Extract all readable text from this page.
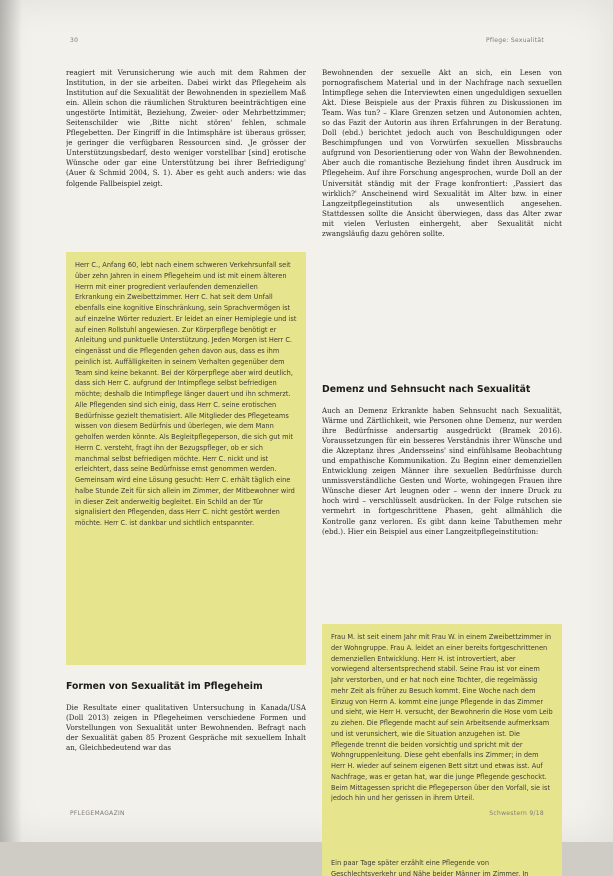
30	Pflege: Sexualität

reagiert mit Verunsicherung wie auch mit dem Rahmen der Institution, in der sie arbeiten. Dabei wirkt das Pflegeheim als Institution auf die Sexualität der Bewohnenden in speziellem Maß ein. Allein schon die räumlichen Strukturen beeinträchtigen eine ungestörte Intimität, Beziehung, Zweier- oder Mehrbettzimmer; Seitenschilder wie ‚Bitte nicht stören' fehlen, schmale Pflegebetten. Der Eingriff in die Intimsphäre ist überaus grösser, je geringer die verfügbaren Ressourcen sind. ‚Je grösser der Unterstützungsbedarf, desto weniger vorstellbar [sind] erotische Wünsche oder gar eine Unterstützung bei ihrer Befriedigung' (Auer & Schmid 2004, S. 1). Aber es geht auch anders: wie das folgende Fallbeispiel zeigt.

Herr C., Anfang 60, lebt nach einem schweren Verkehrsunfall seit über zehn Jahren in einem Pflegeheim und ist mit einem älteren Herrn mit einer progredient verlaufenden demenziellen Erkrankung ein Zweibettzimmer. Herr C. hat seit dem Unfall ebenfalls eine kognitive Einschränkung, sein Sprachvermögen ist auf einzelne Wörter reduziert. Er leidet an einer Hemiplegie und ist auf einen Rollstuhl angewiesen. Zur Körperpflege benötigt er Anleitung und punktuelle Unterstützung. Jeden Morgen ist Herr C. eingenässt und die Pflegenden gehen davon aus, dass es ihm peinlich ist. Auffälligkeiten in seinem Verhalten gegenüber dem Team sind keine bekannt. Bei der Körperpflege aber wird deutlich, dass sich Herr C. aufgrund der Intimpflege selbst befriedigen möchte; deshalb die Intimpflege länger dauert und ihn schmerzt. Alle Pflegenden sind sich einig, dass Herr C. seine erotischen Bedürfnisse gezielt thematisiert. Alle Mitglieder des Pflegeteams wissen von diesem Bedürfnis und überlegen, wie dem Mann geholfen werden könnte. Als Begleitpflegeperson, die sich gut mit Herrn C. versteht, fragt ihn der Bezugspfleger, ob er sich manchmal selbst befriedigen möchte. Herr C. nickt und ist erleichtert, dass seine Bedürfnisse ernst genommen werden. Gemeinsam wird eine Lösung gesucht: Herr C. erhält täglich eine halbe Stunde Zeit für sich allein im Zimmer, der Mitbewohner wird in dieser Zeit anderweitig begleitet. Ein Schild an der Tür signalisiert den Pflegenden, dass Herr C. nicht gestört werden möchte. Herr C. ist dankbar und sichtlich entspannter.

Formen von Sexualität im Pflegeheim

Die Resultate einer qualitativen Untersuchung in Kanada/USA (Doll 2013) zeigen in Pflegeheimen verschiedene Formen und Vorstellungen von Sexualität unter Bewohnenden. Befragt nach der Sexualität gaben 85 Prozent Gespräche mit sexuellem Inhalt an, Gleichbedeutend war das

Bewohnenden der sexuelle Akt an sich, ein Lesen von pornografischem Material und in der Nachfrage nach sexuellen Intimpflege sehen die Interviewten einen ungeduldigen sexuellen Akt. Diese Beispiele aus der Praxis führen zu Diskussionen im Team. Was tun? – Klare Grenzen setzen und Autonomien achten, so das Fazit der Autorin aus ihren Erfahrungen in der Beratung. Doll (ebd.) berichtet jedoch auch von Beschuldigungen oder Beschimpfungen und von Vorwürfen sexuellen Missbrauchs aufgrund von Desorientierung oder von Wahn der Bewohnenden. Aber auch die romantische Beziehung findet ihren Ausdruck im Pflegeheim. Auf ihre Forschung angesprochen, wurde Doll an der Universität ständig mit der Frage konfrontiert: ‚Passiert das wirklich?' Anscheinend wird Sexualität im Alter bzw. in einer Langzeitpflegeinstitution als unwesentlich angesehen. Stattdessen sollte die Ansicht überwiegen, dass das Alter zwar mit vielen Verlusten einhergeht, aber Sexualität nicht zwangsläufig dazu gehören sollte.

Demenz und Sehnsucht nach Sexualität

Auch an Demenz Erkrankte haben Sehnsucht nach Sexualität, Wärme und Zärtlichkeit, wie Personen ohne Demenz, nur werden ihre Bedürfnisse andersartig ausgedrückt (Bramek 2016). Voraussetzungen für ein besseres Verständnis ihrer Wünsche und die Akzeptanz ihres ‚Andersseins' sind einfühlsame Beobachtung und empathische Kommunikation. Zu Beginn einer demenziellen Entwicklung zeigen Männer ihre sexuellen Bedürfnisse durch unmissverständliche Gesten und Worte, wohingegen Frauen ihre Wünsche dieser Art leugnen oder – wenn der innere Druck zu hoch wird – verschlüsselt ausdrücken. In der Folge rutschen sie vermehrt in fortgeschrittene Phasen, geht allmählich die Kontrolle ganz verloren. Es gibt dann keine Tabuthemen mehr (ebd.). Hier ein Beispiel aus einer Langzeitpflegeinstitution:

Frau M. ist seit einem Jahr mit Frau W. in einem Zweibettzimmer in der Wohngruppe. Frau A. leidet an einer bereits fortgeschrittenen demenziellen Entwicklung. Herr H. ist introvertiert, aber vorwiegend altersentsprechend stabil. Seine Frau ist vor einem Jahr verstorben, und er hat noch eine Tochter, die regelmässig mehr Zeit als früher zu Besuch kommt. Eine Woche nach dem Einzug von Herrn A. kommt eine junge Pflegende in das Zimmer und sieht, wie Herr H. versucht, der Bewohnerin die Hose vom Leib zu ziehen. Die Pflegende macht auf sein Arbeitsende aufmerksam und ist verunsichert, wie die Situation anzugehen ist. Die Pflegende trennt die beiden vorsichtig und spricht mit der Wohngruppenleitung. Diese geht ebenfalls ins Zimmer; in dem Herr H. wieder auf seinem eigenen Bett sitzt und etwas isst. Auf Nachfrage, was er getan hat, war die junge Pflegende geschockt. Beim Mittagessen spricht die Pflegeperson über den Vorfall, sie ist jedoch hin und her gerissen in ihrem Urteil.

Ein paar Tage später erzählt eine Pflegende von Geschlechtsverkehr und Nähe beider Männer im Zimmer. In

PFLEGEMAGAZIN	Schwestern 9/18
